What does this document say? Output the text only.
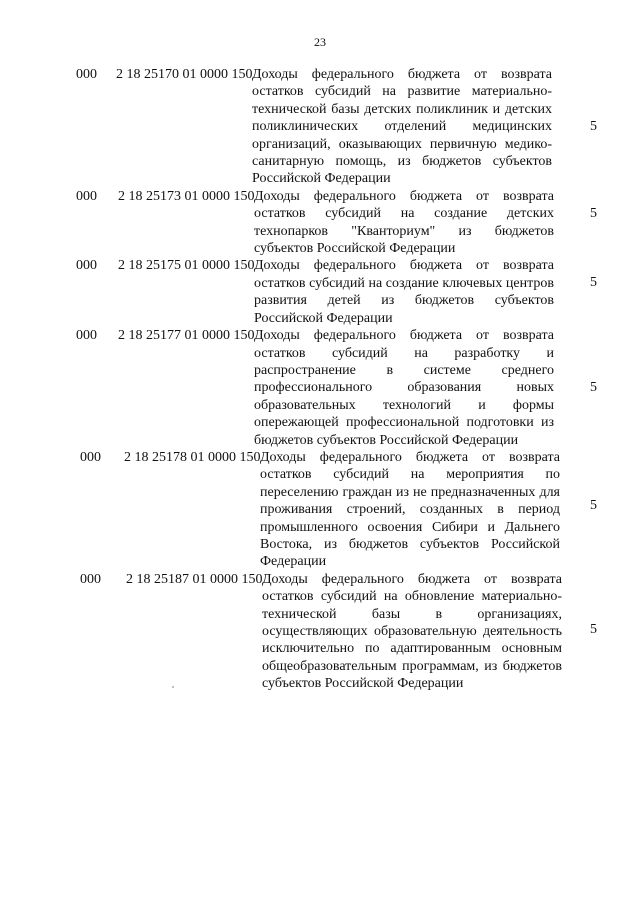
23
000	2 18 25170 01 0000 150 Доходы федерального бюджета от возврата остатков субсидий на развитие материально-технической базы детских поликлиник и детских поликлинических отделений медицинских организаций, оказывающих первичную медико-санитарную помощь, из бюджетов субъектов Российской Федерации
5
000	2 18 25173 01 0000 150 Доходы федерального бюджета от возврата остатков субсидий на создание детских технопарков "Кванториум" из бюджетов субъектов Российской Федерации
5
000	2 18 25175 01 0000 150 Доходы федерального бюджета от возврата остатков субсидий на создание ключевых центров развития детей из бюджетов субъектов Российской Федерации
5
000	2 18 25177 01 0000 150 Доходы федерального бюджета от возврата остатков субсидий на разработку и распространение в системе среднего профессионального образования новых образовательных технологий и формы опережающей профессиональной подготовки из бюджетов субъектов Российской Федерации
5
000	2 18 25178 01 0000 150 Доходы федерального бюджета от возврата остатков субсидий на мероприятия по переселению граждан из не предназначенных для проживания строений, созданных в период промышленного освоения Сибири и Дальнего Востока, из бюджетов субъектов Российской Федерации
5
000	2 18 25187 01 0000 150 Доходы федерального бюджета от возврата остатков субсидий на обновление материально-технической базы в организациях, осуществляющих образовательную деятельность исключительно по адаптированным основным общеобразовательным программам, из бюджетов субъектов Российской Федерации
5
